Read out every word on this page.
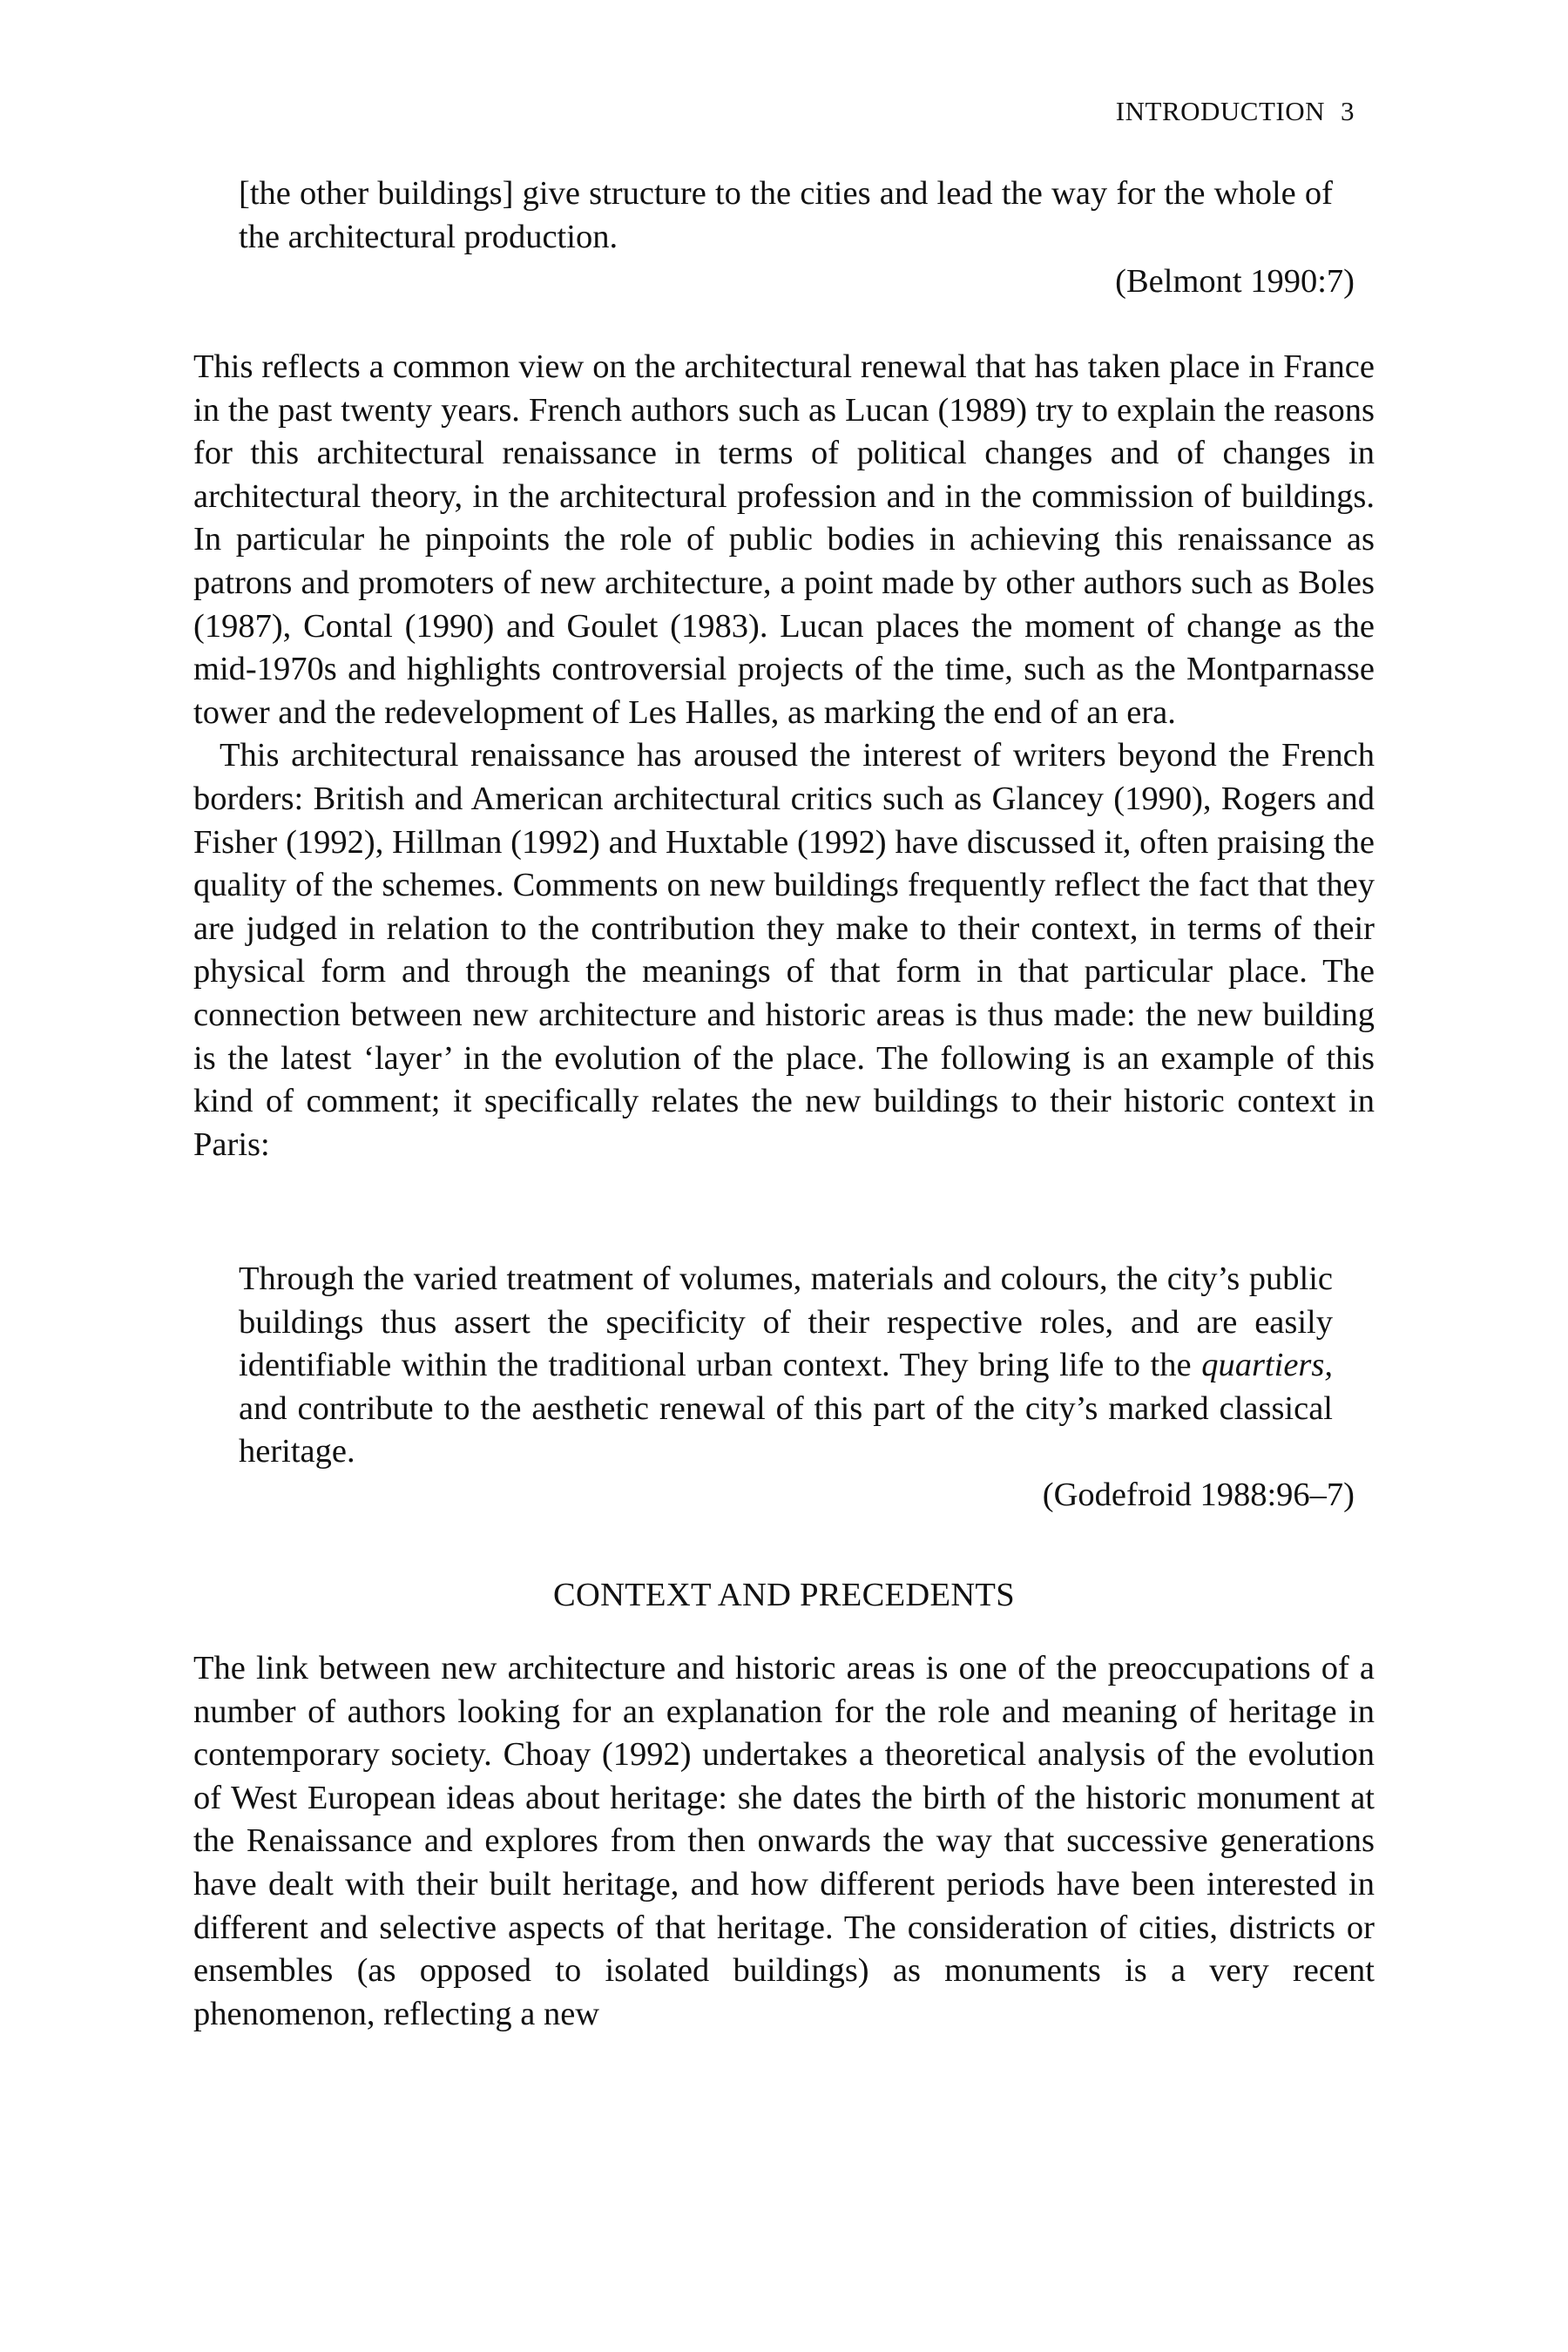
INTRODUCTION 3

[the other buildings] give structure to the cities and lead the way for the whole of the architectural production.

(Belmont 1990:7)

This reflects a common view on the architectural renewal that has taken place in France in the past twenty years. French authors such as Lucan (1989) try to explain the reasons for this architectural renaissance in terms of political changes and of changes in architectural theory, in the architectural profession and in the commission of buildings. In particular he pinpoints the role of public bodies in achieving this renaissance as patrons and promoters of new architecture, a point made by other authors such as Boles (1987), Contal (1990) and Goulet (1983). Lucan places the moment of change as the mid-1970s and highlights controversial projects of the time, such as the Montparnasse tower and the redevelopment of Les Halles, as marking the end of an era.

This architectural renaissance has aroused the interest of writers beyond the French borders: British and American architectural critics such as Glancey (1990), Rogers and Fisher (1992), Hillman (1992) and Huxtable (1992) have discussed it, often praising the quality of the schemes. Comments on new buildings frequently reflect the fact that they are judged in relation to the contribution they make to their context, in terms of their physical form and through the meanings of that form in that particular place. The connection between new architecture and historic areas is thus made: the new building is the latest ‘layer’ in the evolution of the place. The following is an example of this kind of comment; it specifically relates the new buildings to their historic context in Paris:

Through the varied treatment of volumes, materials and colours, the city’s public buildings thus assert the specificity of their respective roles, and are easily identifiable within the traditional urban context. They bring life to the quartiers, and contribute to the aesthetic renewal of this part of the city’s marked classical heritage.

(Godefroid 1988:96–7)
CONTEXT AND PRECEDENTS

The link between new architecture and historic areas is one of the preoccupations of a number of authors looking for an explanation for the role and meaning of heritage in contemporary society. Choay (1992) undertakes a theoretical analysis of the evolution of West European ideas about heritage: she dates the birth of the historic monument at the Renaissance and explores from then onwards the way that successive generations have dealt with their built heritage, and how different periods have been interested in different and selective aspects of that heritage. The consideration of cities, districts or ensembles (as opposed to isolated buildings) as monuments is a very recent phenomenon, reflecting a new
